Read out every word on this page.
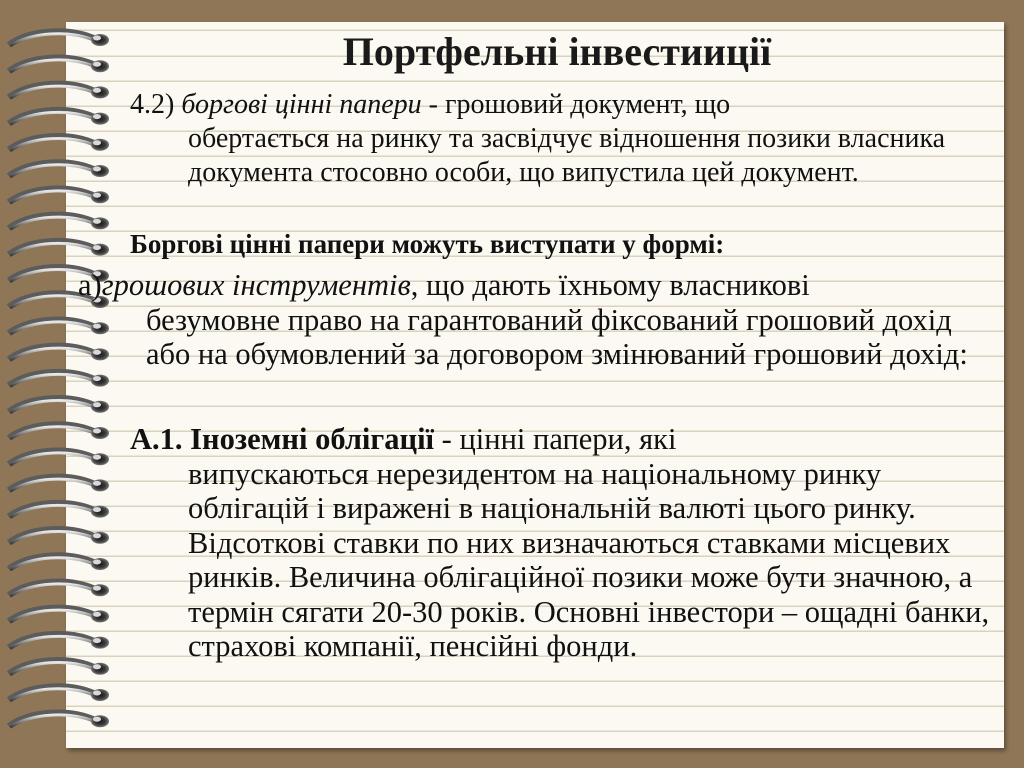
Портфельні інвестииції
4.2) боргові цінні папери - грошовий документ, що
обертається на ринку та засвідчує відношення позики власника документа стосовно особи, що випустила цей документ.
Боргові цінні папери можуть виступати у формі:
а)грошових інструментів, що дають їхньому власникові
безумовне право на гарантований фіксований грошовий дохід або на обумовлений за договором змінюваний грошовий дохід:
А.1. Іноземні облігації - цінні папери, які
випускаються нерезидентом на національному ринку облігацій і виражені в національній валюті цього ринку. Відсоткові ставки по них визначаються ставками місцевих ринків. Величина облігаційної позики може бути значною, а термін сягати 20-30 років. Основні інвестори – ощадні банки, страхові компанії, пенсійні фонди.
